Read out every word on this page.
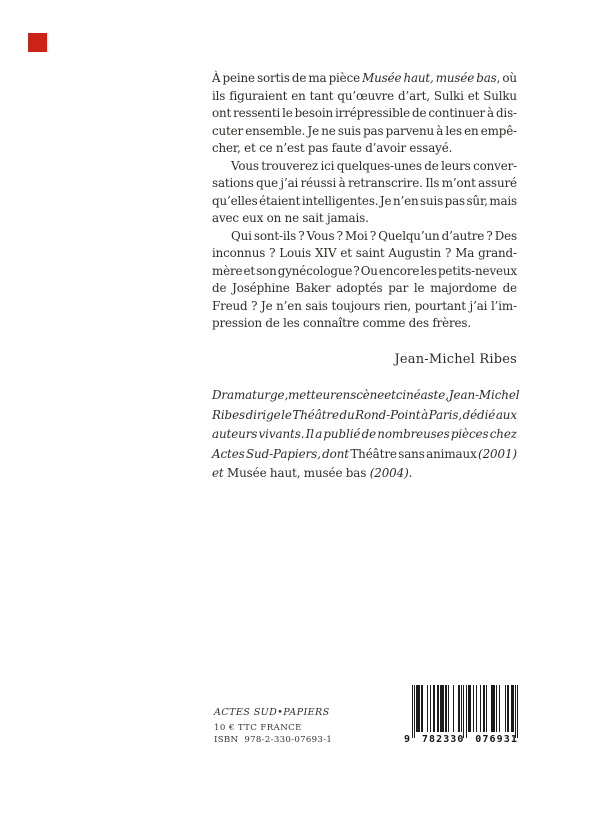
À peine sortis de ma pièce Musée haut, musée bas, où
ils figuraient en tant qu’œuvre d’art, Sulki et Sulku
ont ressenti le besoin irrépressible de continuer à dis-
cuter ensemble. Je ne suis pas parvenu à les en empê-
cher, et ce n’est pas faute d’avoir essayé.
Vous trouverez ici quelques-unes de leurs conver-
sations que j’ai réussi à retranscrire. Ils m’ont assuré
qu’elles étaient intelligentes. Je n’en suis pas sûr, mais
avec eux on ne sait jamais.
Qui sont-ils ? Vous ? Moi ? Quelqu’un d’autre ? Des
inconnus ? Louis XIV et saint Augustin ? Ma grand-
mère et son gynécologue ? Ou encore les petits-neveux
de Joséphine Baker adoptés par le majordome de
Freud ? Je n’en sais toujours rien, pourtant j’ai l’im-
pression de les connaître comme des frères.
Jean-Michel Ribes
Dramaturge, metteur en scène et cinéaste, Jean-Michel
Ribes dirige le Théâtre du Rond-Point à Paris, dédié aux
auteurs vivants. Il a publié de nombreuses pièces chez
Actes Sud-Papiers, dont Théâtre sans animaux (2001)
et Musée haut, musée bas (2004).
ACTES SUD•PAPIERS
10 € TTC FRANCE
ISBN  978-2-330-07693-1	9 782330 076931
